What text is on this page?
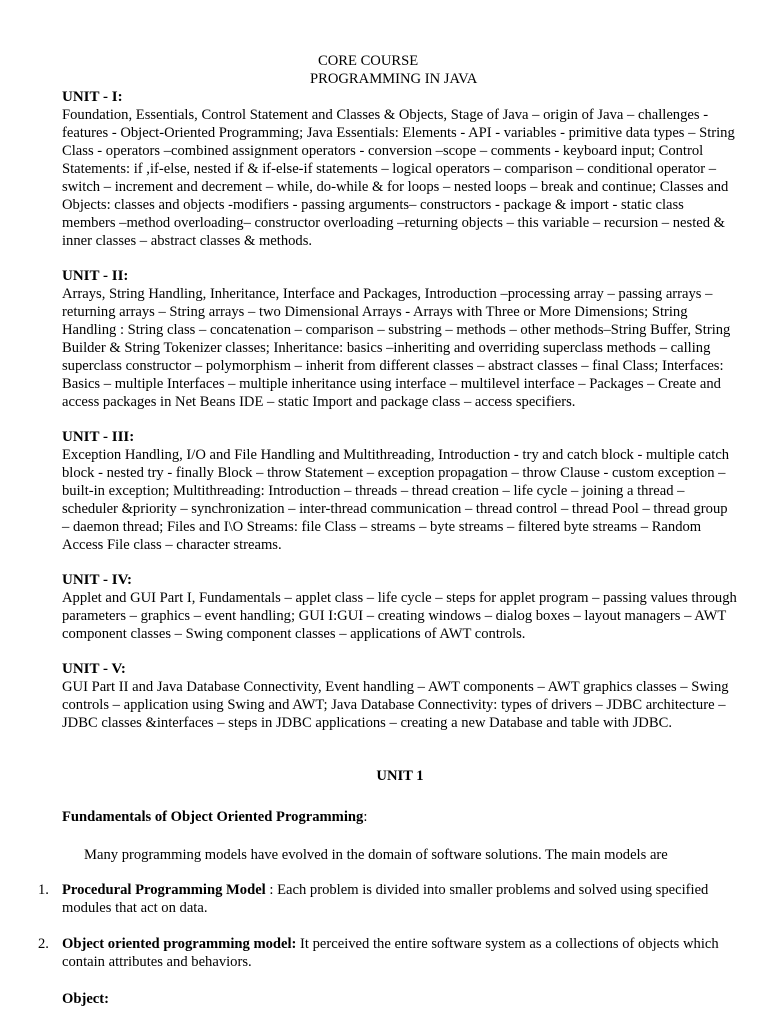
CORE COURSE
PROGRAMMING IN JAVA
UNIT - I:

Foundation, Essentials, Control Statement and Classes & Objects, Stage of Java – origin of Java – challenges - features - Object-Oriented Programming; Java Essentials: Elements - API - variables - primitive data types – String Class - operators –combined assignment operators - conversion –scope – comments - keyboard input; Control Statements: if ,if-else, nested if & if-else-if statements – logical operators – comparison – conditional operator – switch – increment and decrement – while, do-while & for loops – nested loops – break and continue; Classes and Objects: classes and objects -modifiers - passing arguments– constructors - package & import - static class members –method overloading– constructor overloading –returning objects – this variable – recursion – nested & inner classes – abstract classes & methods.

UNIT - II:

Arrays, String Handling, Inheritance, Interface and Packages, Introduction –processing array – passing arrays – returning arrays – String arrays – two Dimensional Arrays - Arrays with Three or More Dimensions; String Handling : String class – concatenation – comparison – substring – methods – other methods–String Buffer, String Builder & String Tokenizer classes; Inheritance: basics –inheriting and overriding superclass methods – calling superclass constructor – polymorphism – inherit from different classes – abstract classes – final Class; Interfaces: Basics – multiple Interfaces – multiple inheritance using interface – multilevel interface – Packages – Create and access packages in Net Beans IDE – static Import and package class – access specifiers.

UNIT - III:

Exception Handling, I/O and File Handling and Multithreading, Introduction - try and catch block - multiple catch block - nested try - finally Block – throw Statement – exception propagation – throw Clause - custom exception – built-in exception; Multithreading: Introduction – threads – thread creation – life cycle – joining a thread – scheduler &priority – synchronization – inter-thread communication – thread control – thread Pool – thread group – daemon thread; Files and I\O Streams: file Class – streams – byte streams – filtered byte streams – Random Access File class – character streams.

UNIT - IV:

Applet and GUI Part I, Fundamentals – applet class – life cycle – steps for applet program – passing values through parameters – graphics – event handling; GUI I:GUI – creating windows – dialog boxes – layout managers – AWT component classes – Swing component classes – applications of AWT controls.

UNIT - V:

GUI Part II and Java Database Connectivity, Event handling – AWT components – AWT graphics classes – Swing controls – application using Swing and AWT; Java Database Connectivity: types of drivers – JDBC architecture – JDBC classes &interfaces – steps in JDBC applications – creating a new Database and table with JDBC.

UNIT 1
Fundamentals of Object Oriented Programming:

Many programming models have evolved in the domain of software solutions. The main models are

1. Procedural Programming Model : Each problem is divided into smaller problems and solved using specified modules that act on data.
2. Object oriented programming model: It perceived the entire software system as a collections of objects which contain attributes and behaviors.
Object:
